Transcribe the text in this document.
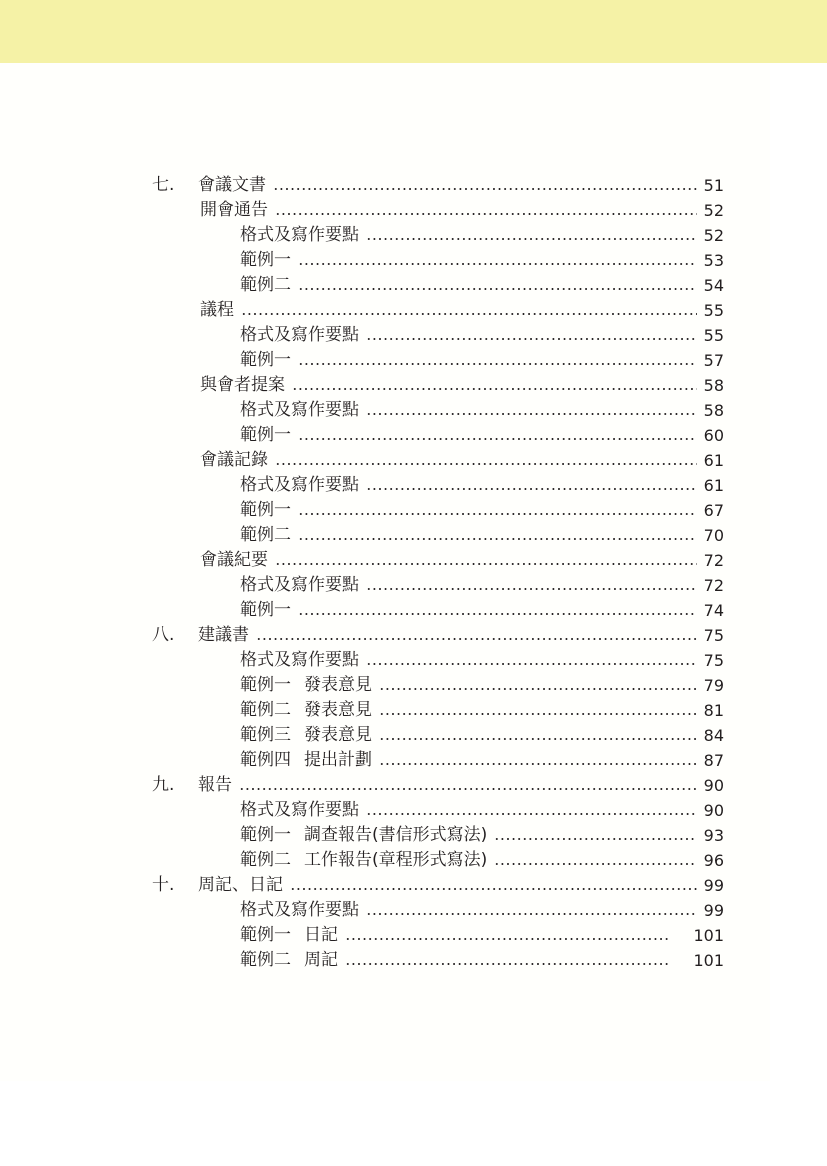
七.	會議文書	51
開會通告	52
格式及寫作要點	52
範例一	53
範例二	54
議程	55
格式及寫作要點	55
範例一	57
與會者提案	58
格式及寫作要點	58
範例一	60
會議記錄	61
格式及寫作要點	61
範例一	67
範例二	70
會議紀要	72
格式及寫作要點	72
範例一	74
八.	建議書	75
格式及寫作要點	75
範例一 發表意見	79
範例二 發表意見	81
範例三 發表意見	84
範例四 提出計劃	87
九.	報告	90
格式及寫作要點	90
範例一 調查報告(書信形式寫法)	93
範例二 工作報告(章程形式寫法)	96
十.	周記、日記	99
格式及寫作要點	99
範例一 日記	101
範例二 周記	101
